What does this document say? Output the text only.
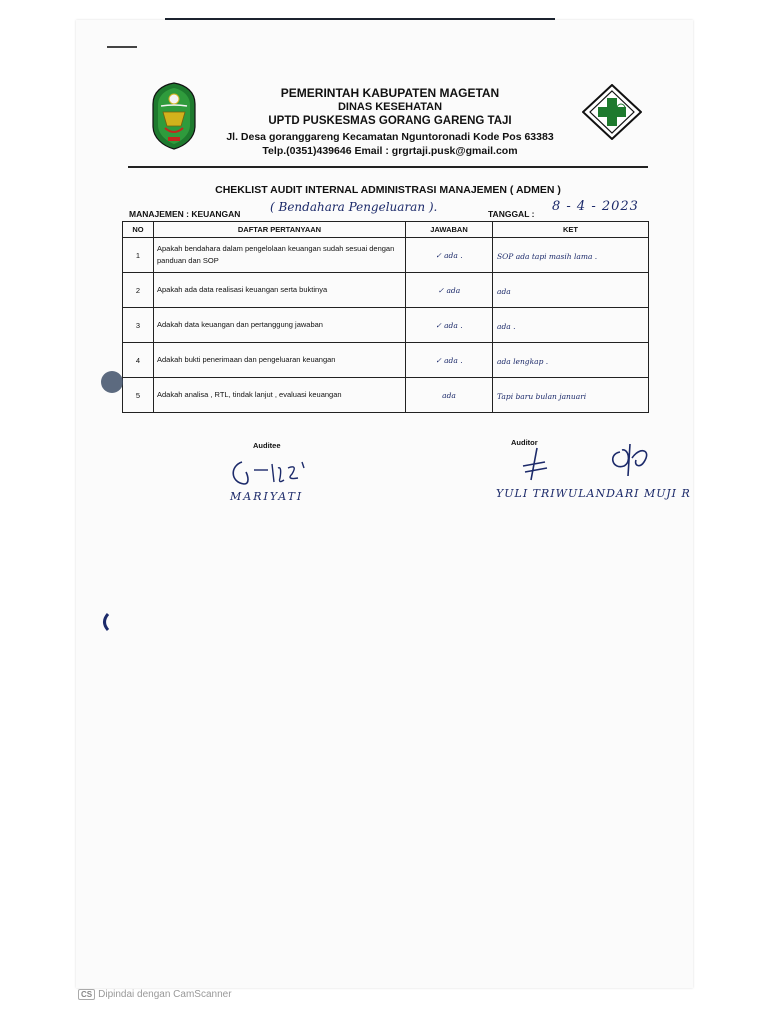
PEMERINTAH KABUPATEN MAGETAN
DINAS KESEHATAN
UPTD PUSKESMAS GORANG GARENG TAJI
Jl. Desa goranggareng Kecamatan Nguntoronadi Kode Pos 63383
Telp.(0351)439646 Email : grgrtaji.pusk@gmail.com
CHEKLIST AUDIT INTERNAL ADMINISTRASI MANAJEMEN ( ADMEN )
MANAJEMEN : KEUANGAN ( Bendahara Pengeluaran ).	TANGGAL : 8 - 4 - 2023
NO	DAFTAR PERTANYAAN	JAWABAN	KET
1	Apakah bendahara dalam pengelolaan keuangan sudah sesuai dengan panduan dan SOP	✓ ada .	SOP ada tapi masih lama .
2	Apakah ada data realisasi keuangan serta buktinya	✓ ada	ada
3	Adakah data keuangan dan pertanggung jawaban	✓ ada .	ada .
4	Adakah bukti penerimaan dan pengeluaran keuangan	✓ ada .	ada lengkap .
5	Adakah analisa , RTL, tindak lanjut , evaluasi keuangan	ada	Tapi baru bulan januari
Auditee	Auditor
MARIYATI	YULI TRIWULANDARI MUJI R
CS Dipindai dengan CamScanner
